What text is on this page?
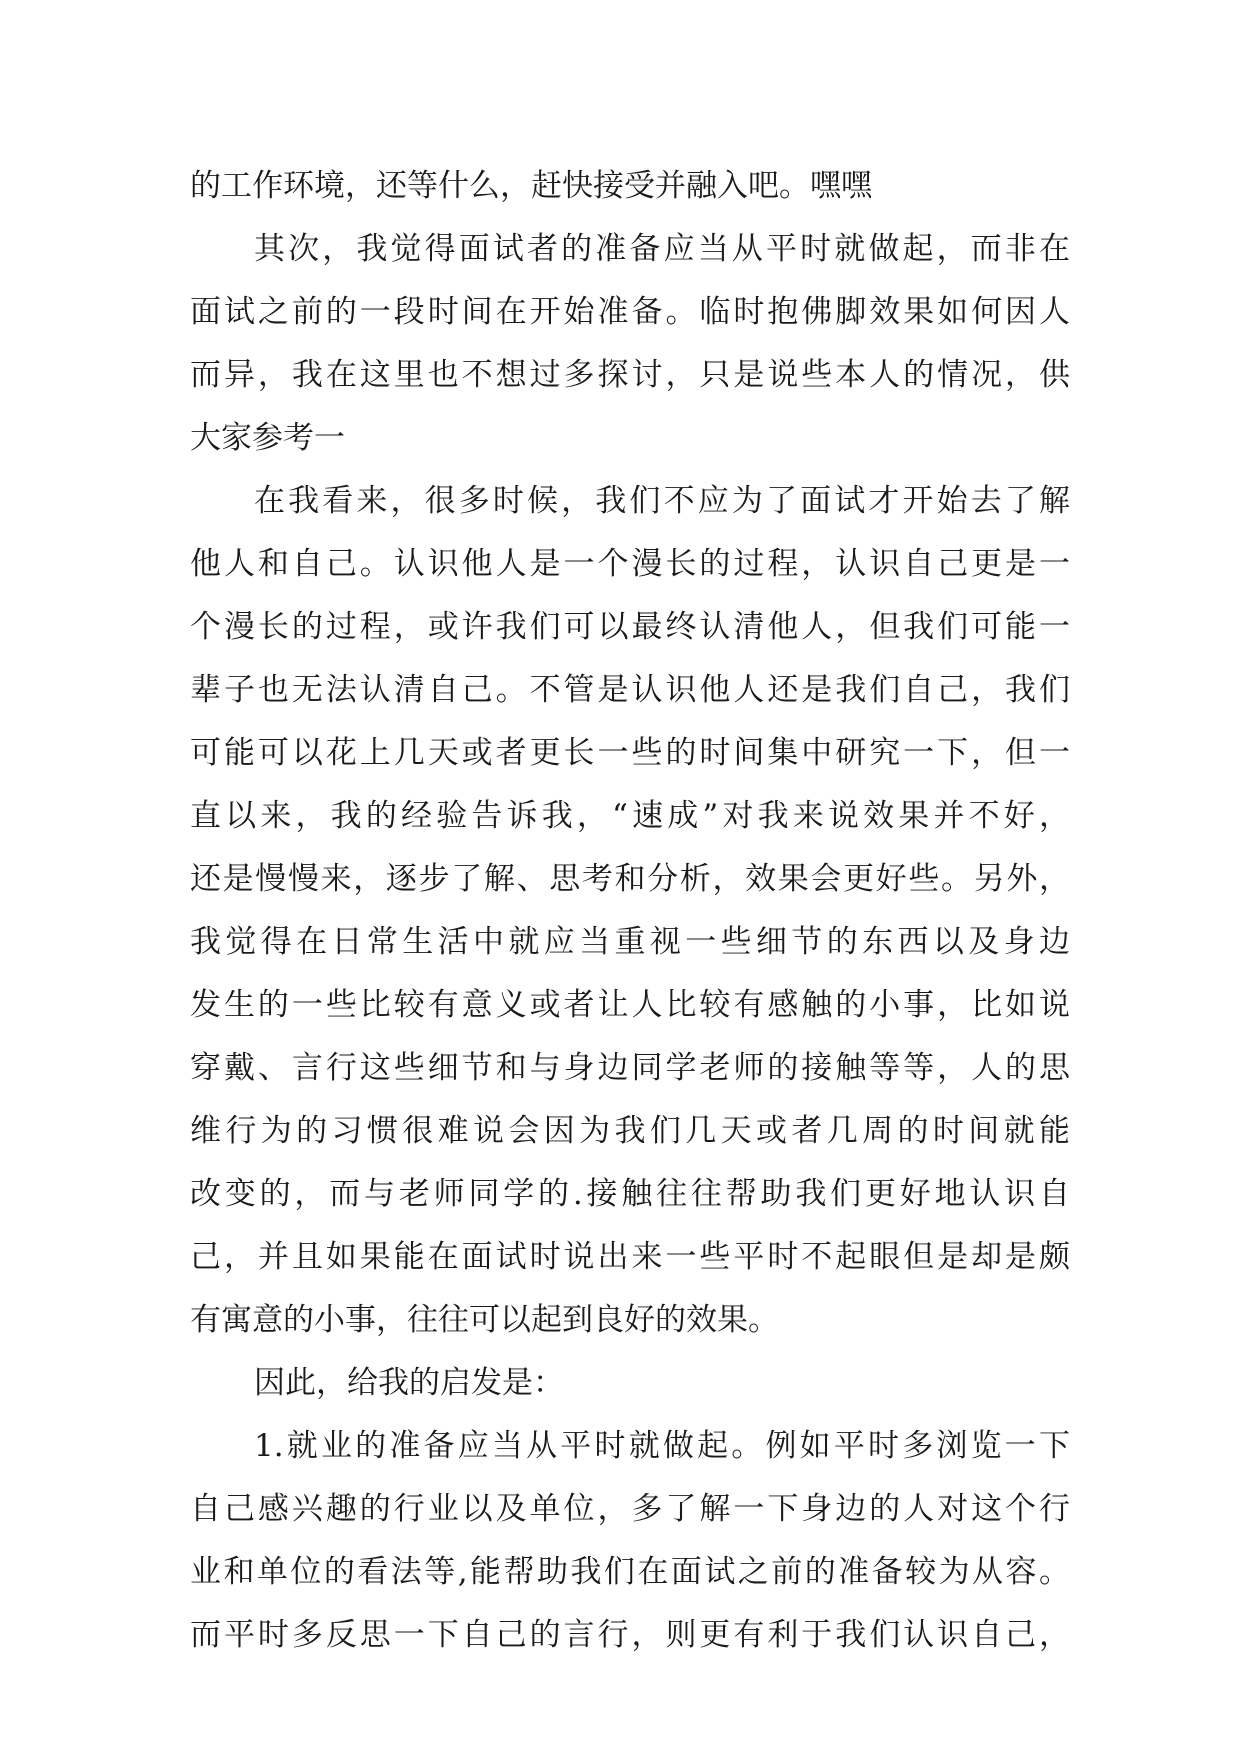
的工作环境，还等什么，赶快接受并融入吧。嘿嘿
其次，我觉得面试者的准备应当从平时就做起，而非在
面试之前的一段时间在开始准备。临时抱佛脚效果如何因人
而异，我在这里也不想过多探讨，只是说些本人的情况，供
大家参考一
在我看来，很多时候，我们不应为了面试才开始去了解
他人和自己。认识他人是一个漫长的过程，认识自己更是一
个漫长的过程，或许我们可以最终认清他人，但我们可能一
辈子也无法认清自己。不管是认识他人还是我们自己，我们
可能可以花上几天或者更长一些的时间集中研究一下，但一
直以来，我的经验告诉我，“速成”对我来说效果并不好，
还是慢慢来，逐步了解、思考和分析，效果会更好些。另外，
我觉得在日常生活中就应当重视一些细节的东西以及身边
发生的一些比较有意义或者让人比较有感触的小事，比如说
穿戴、言行这些细节和与身边同学老师的接触等等，人的思
维行为的习惯很难说会因为我们几天或者几周的时间就能
改变的，而与老师同学的.接触往往帮助我们更好地认识自
己，并且如果能在面试时说出来一些平时不起眼但是却是颇
有寓意的小事，往往可以起到良好的效果。
因此，给我的启发是：
1.就业的准备应当从平时就做起。例如平时多浏览一下
自己感兴趣的行业以及单位，多了解一下身边的人对这个行
业和单位的看法等,能帮助我们在面试之前的准备较为从容。
而平时多反思一下自己的言行，则更有利于我们认识自己，
